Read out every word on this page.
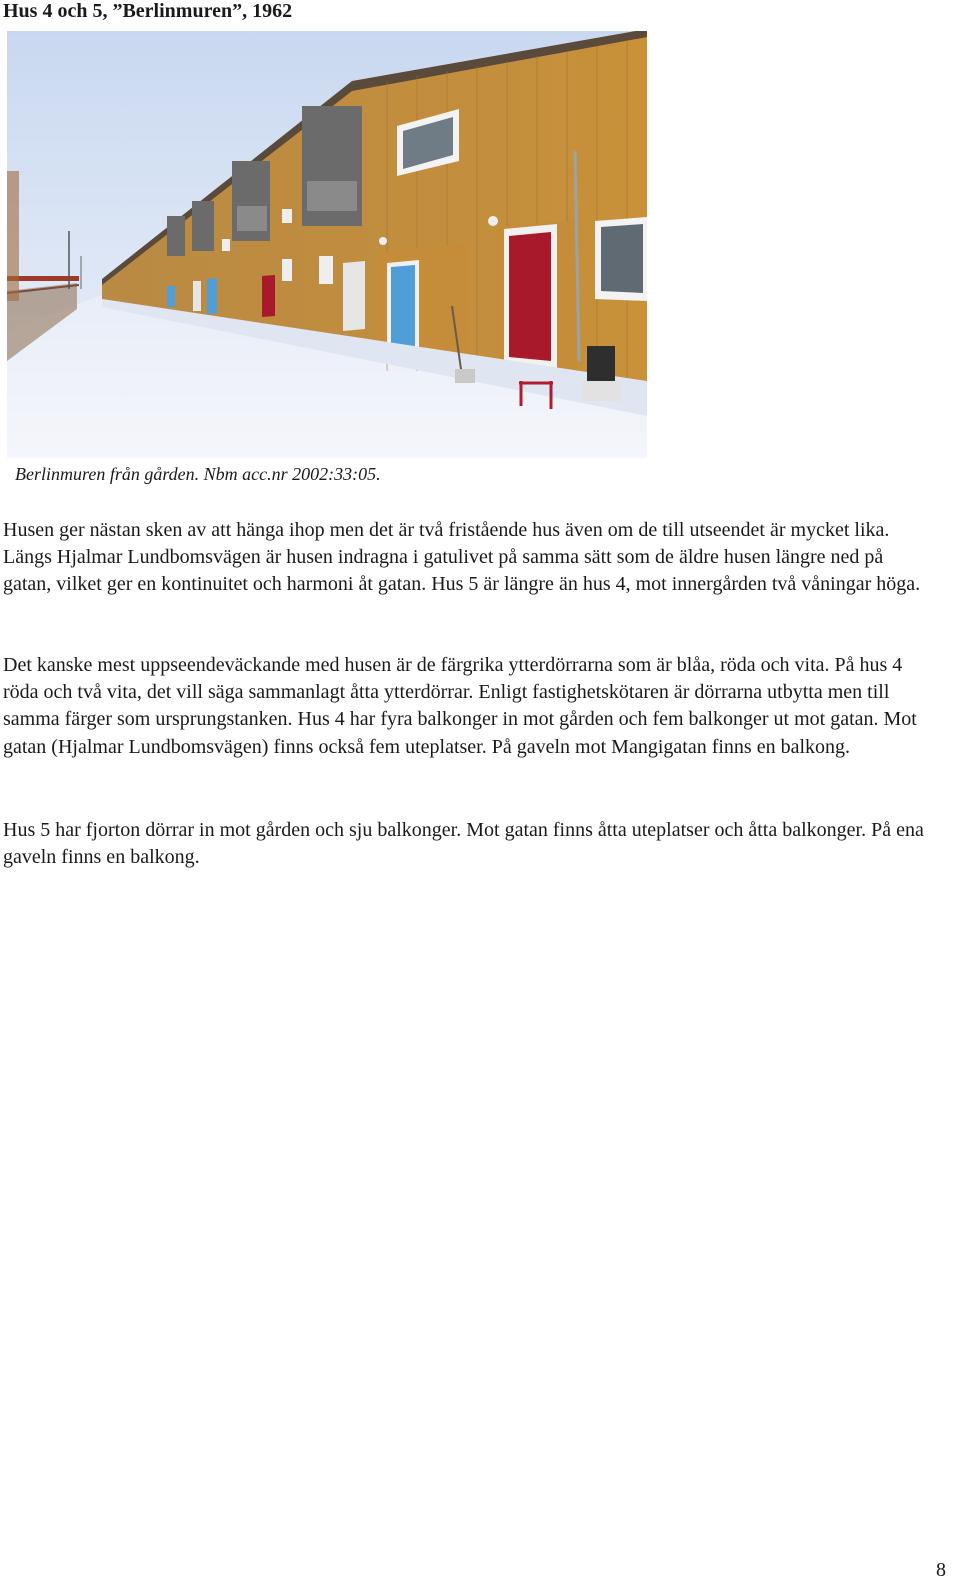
Hus 4 och 5, ”Berlinmuren”, 1962

Berlinmuren från gården. Nbm acc.nr 2002:33:05.

Husen ger nästan sken av att hänga ihop men det är två fristående hus även om de till utseendet är mycket lika. Längs Hjalmar Lundbomsvägen är husen indragna i gatulivet på samma sätt som de äldre husen längre ned på gatan, vilket ger en kontinuitet och harmoni åt gatan. Hus 5 är längre än hus 4, mot innergården två våningar höga.

Det kanske mest uppseendeväckande med husen är de färgrika ytterdörrarna som är blåa, röda och vita. På hus 4 röda och två vita, det vill säga sammanlagt åtta ytterdörrar. Enligt fastighetskötaren är dörrarna utbytta men till samma färger som ursprungstanken. Hus 4 har fyra balkonger in mot gården och fem balkonger ut mot gatan. Mot gatan (Hjalmar Lundbomsvägen) finns också fem uteplatser. På gaveln mot Mangigatan finns en balkong.

Hus 5 har fjorton dörrar in mot gården och sju balkonger. Mot gatan finns åtta uteplatser och åtta balkonger. På ena gaveln finns en balkong.

8
